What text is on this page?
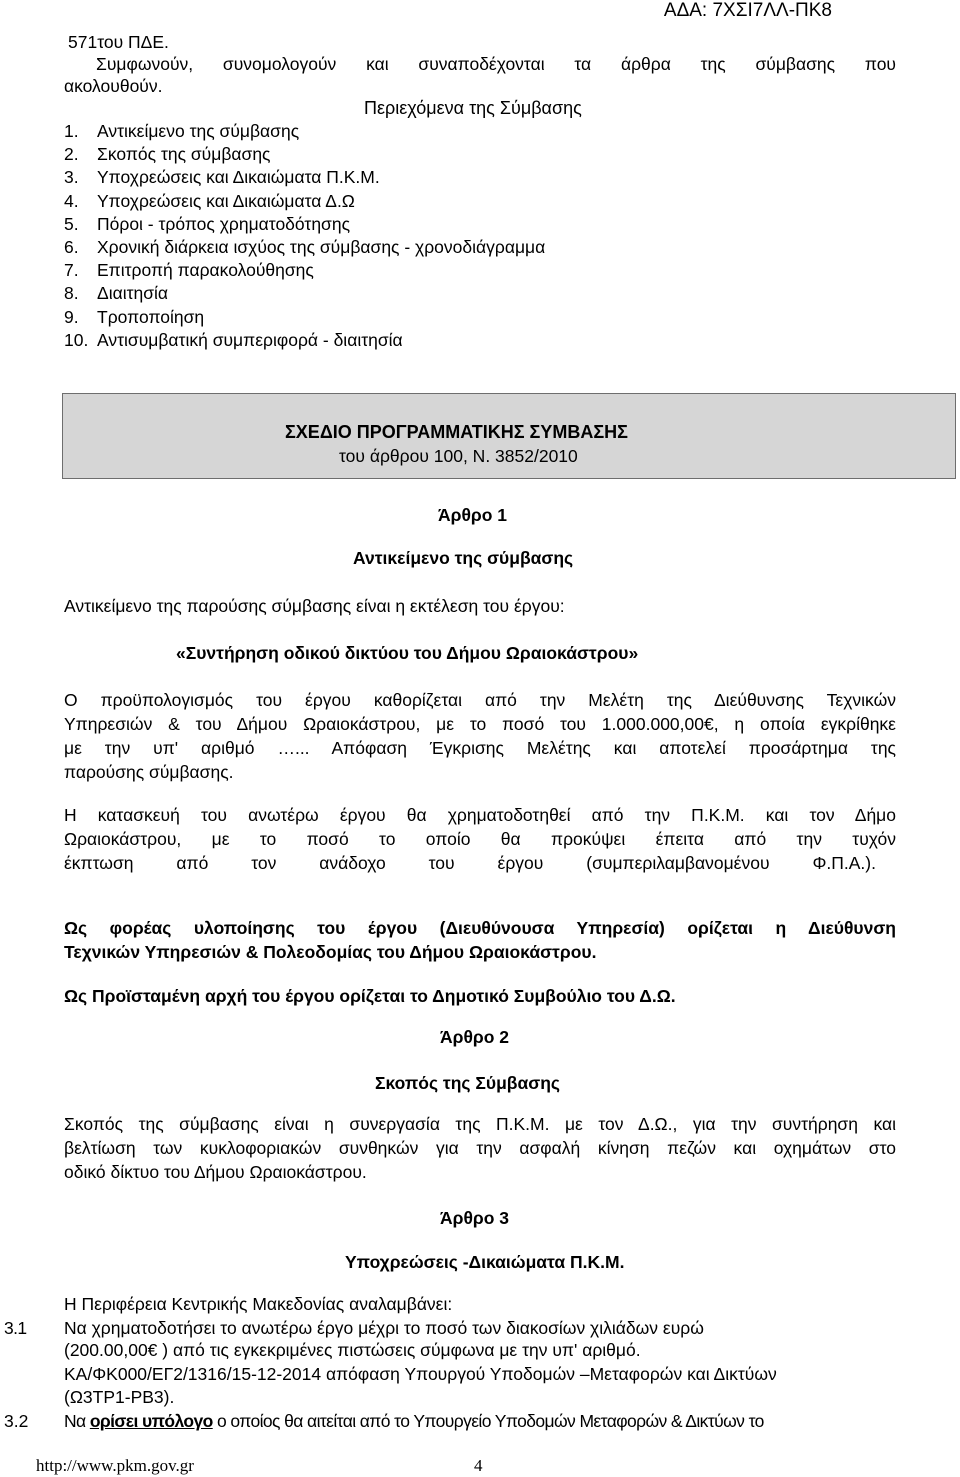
ΑΔΑ: 7ΧΣΙ7ΛΛ-ΠΚ8
571του ΠΔΕ.
Συμφωνούν, συνομολογούν και συναποδέχονται τα άρθρα της σύμβασης που
ακολουθούν.
Περιεχόμενα της Σύμβασης
1. Αντικείμενο της σύμβασης
2. Σκοπός της σύμβασης
3. Υποχρεώσεις και Δικαιώματα Π.Κ.Μ.
4. Υποχρεώσεις και Δικαιώματα Δ.Ω
5. Πόροι - τρόπος χρηματοδότησης
6. Χρονική διάρκεια ισχύος της σύμβασης - χρονοδιάγραμμα
7. Επιτροπή παρακολούθησης
8. Διαιτησία
9. Τροποποίηση
10. Αντισυμβατική συμπεριφορά - διαιτησία
ΣΧΕΔΙΟ ΠΡΟΓΡΑΜΜΑΤΙΚΗΣ ΣΥΜΒΑΣΗΣ
του άρθρου 100, Ν. 3852/2010
Άρθρο 1
Αντικείμενο της σύμβασης
Αντικείμενο της παρούσης σύμβασης είναι η εκτέλεση του έργου:
«Συντήρηση οδικού δικτύου του Δήμου Ωραιοκάστρου»
Ο προϋπολογισμός του έργου καθορίζεται από την Μελέτη της Διεύθυνσης Τεχνικών
Υπηρεσιών & του Δήμου Ωραιοκάστρου, με το ποσό του 1.000.000,00€, η οποία εγκρίθηκε
με την υπ' αριθμό …... Απόφαση Έγκρισης Μελέτης και αποτελεί προσάρτημα της
παρούσης σύμβασης.
Η κατασκευή του ανωτέρω έργου θα χρηματοδοτηθεί από την Π.Κ.Μ. και τον Δήμο
Ωραιοκάστρου, με το ποσό το οποίο θα προκύψει έπειτα από την τυχόν
έκπτωση από τον ανάδοχο του έργου (συμπεριλαμβανομένου Φ.Π.Α.).
Ως φορέας υλοποίησης του έργου (Διευθύνουσα Υπηρεσία) ορίζεται η Διεύθυνση
Τεχνικών Υπηρεσιών & Πολεοδομίας του Δήμου Ωραιοκάστρου.
Ως Προϊσταμένη αρχή του έργου ορίζεται το Δημοτικό Συμβούλιο του Δ.Ω.
Άρθρο 2
Σκοπός της Σύμβασης
Σκοπός της σύμβασης είναι η συνεργασία της Π.Κ.Μ. με τον Δ.Ω., για την συντήρηση και
βελτίωση των κυκλοφοριακών συνθηκών για την ασφαλή κίνηση πεζών και οχημάτων στο
οδικό δίκτυο του Δήμου Ωραιοκάστρου.
Άρθρο 3
Υποχρεώσεις -Δικαιώματα Π.Κ.Μ.
Η Περιφέρεια Κεντρικής Μακεδονίας αναλαμβάνει:
3.1 Να χρηματοδοτήσει το ανωτέρω έργο μέχρι το ποσό των διακοσίων χιλιάδων ευρώ
(200.00,00€ ) από τις εγκεκριμένες πιστώσεις σύμφωνα με την υπ' αριθμό.
ΚΑ/ΦΚ000/ΕΓ2/1316/15-12-2014 απόφαση Υπουργού Υποδομών –Μεταφορών και Δικτύων
(Ω3ΤΡ1-ΡΒ3).
3.2 Να ορίσει υπόλογο ο οποίος θα αιτείται από το Υπουργείο Υποδομών Μεταφορών & Δικτύων το
http://www.pkm.gov.gr	4
